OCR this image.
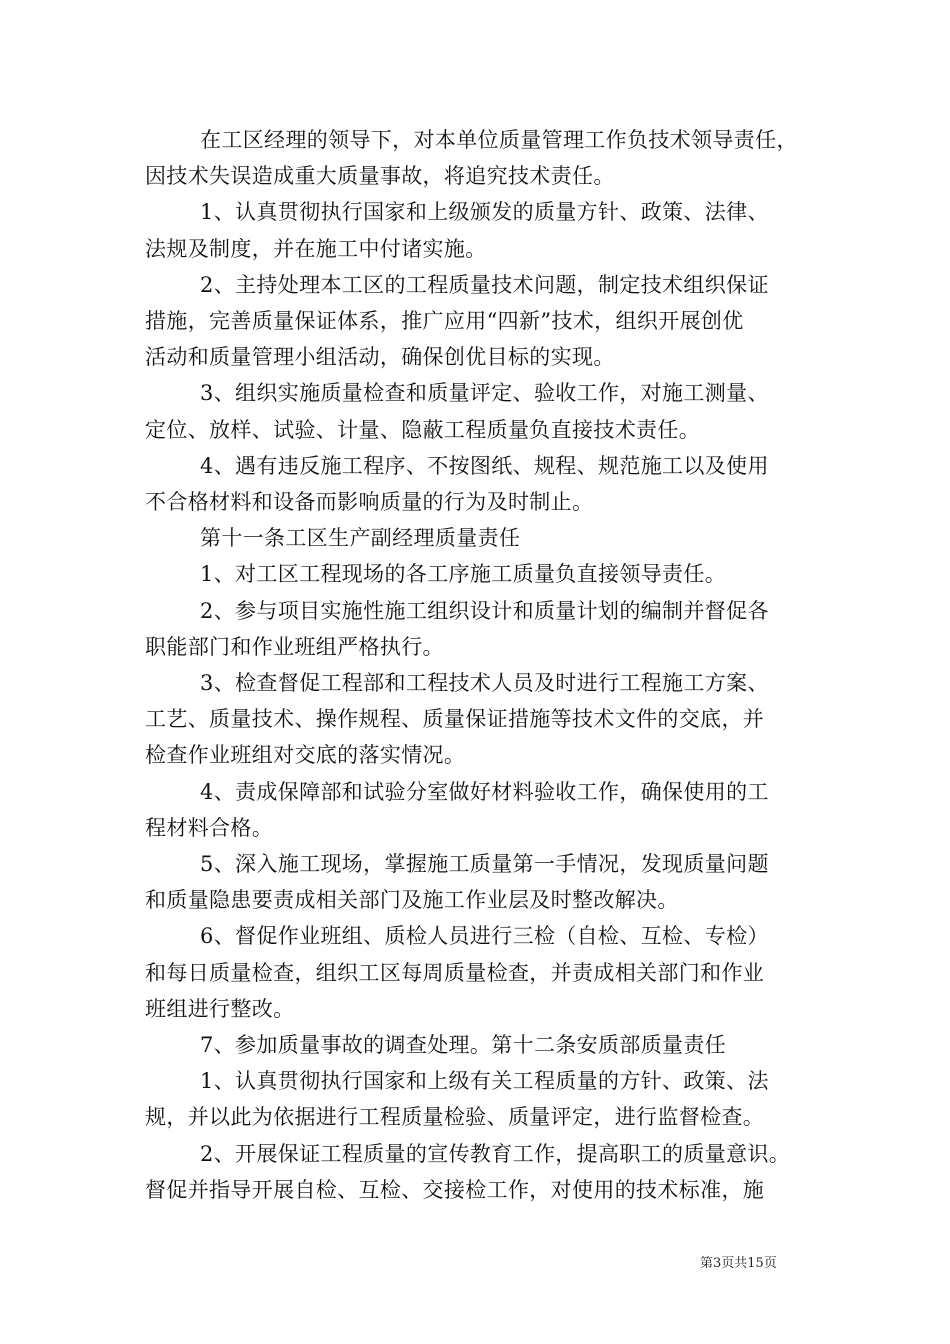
在工区经理的领导下，对本单位质量管理工作负技术领导责任，
因技术失误造成重大质量事故，将追究技术责任。
1、认真贯彻执行国家和上级颁发的质量方针、政策、法律、
法规及制度，并在施工中付诸实施。
2、主持处理本工区的工程质量技术问题，制定技术组织保证
措施，完善质量保证体系，推广应用“四新”技术，组织开展创优
活动和质量管理小组活动，确保创优目标的实现。
3、组织实施质量检查和质量评定、验收工作，对施工测量、
定位、放样、试验、计量、隐蔽工程质量负直接技术责任。
4、遇有违反施工程序、不按图纸、规程、规范施工以及使用
不合格材料和设备而影响质量的行为及时制止。
第十一条工区生产副经理质量责任
1、对工区工程现场的各工序施工质量负直接领导责任。
2、参与项目实施性施工组织设计和质量计划的编制并督促各
职能部门和作业班组严格执行。
3、检查督促工程部和工程技术人员及时进行工程施工方案、
工艺、质量技术、操作规程、质量保证措施等技术文件的交底，并
检查作业班组对交底的落实情况。
4、责成保障部和试验分室做好材料验收工作，确保使用的工
程材料合格。
5、深入施工现场，掌握施工质量第一手情况，发现质量问题
和质量隐患要责成相关部门及施工作业层及时整改解决。
6、督促作业班组、质检人员进行三检（自检、互检、专检）
和每日质量检查，组织工区每周质量检查，并责成相关部门和作业
班组进行整改。
7、参加质量事故的调查处理。第十二条安质部质量责任
1、认真贯彻执行国家和上级有关工程质量的方针、政策、法
规，并以此为依据进行工程质量检验、质量评定，进行监督检查。
2、开展保证工程质量的宣传教育工作，提高职工的质量意识。
督促并指导开展自检、互检、交接检工作，对使用的技术标准，施
第3页共15页
